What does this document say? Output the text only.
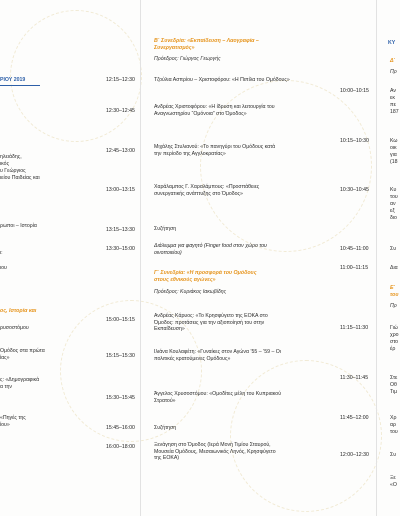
ΡΙΟΥ 2019
ηλειάδης,
ικός
υ Γεώργιος
ιείου Παιδείας και
ρωποι – Ιστορία
ι:
ιου
ος, Ιστορία και
ρυσοστόμου
Ομόδος στα πρώτα
ίας»
ς: «Δημογραφικά
α την
«Πηγές της
ίου»
12:15–12:30
12:30–12:45
12:45–13:00
13:00–13:15
13:15–13:30
13:30–15:00
15:00–15:15
15:15–15:30
15:30–15:45
15:45–16:00
16:00–18:00
Β΄ Συνεδρία: «Εκπαίδευση – Λαογραφία –
Συνεργατισμός»
Πρόεδρος: Γιώργος Γεωργής
Τζούλια Ασπρίου – Χριστοφόρου: «Η Πιπίλα του Ομόδους»
Ανδρέας Χριστοφόρου: «Η ίδρυση και λειτουργία του Αναγνωστηρίου “Ομόνοια” στο Όμοδος»
Μιχάλης Στυλιανού: «Το πανηγύρι του Ομόδους κατά την περίοδο της Αγγλοκρατίας»
Χαράλαμπος Γ. Χαραλάμπους: «Προσπάθειες συνεργατικής ανάπτυξης στο Όμοδος»
Συζήτηση
Διάλειμμα για φαγητό (Finger food στον χώρο του οινοποιείου)
Γ΄ Συνεδρία: «Η προσφορά του Ομόδους
στους εθνικούς αγώνες»
Πρόεδρος: Κυριάκος Ιακωβίδης
Ανδρέας Κάρυος: «Το Κρησφύγετο της ΕΟΚΑ στο Όμοδος: προτάσεις για την αξιοποίησή του στην Εκπαίδευση»
Ιλιάνα Κουλαφέτη: «Γυναίκες στον Αγώνα ’55 – ’59 – Οι πολιτικές κρατούμενες Ομόδους»
Άγγελος Χρυσοστόμου: «Ομοδίτες μέλη του Κυπριακού Στρατού»
Συζήτηση
Ξενάγηση στο Όμοδος (Ιερά Μονή Τιμίου Σταυρού, Μουσεία Ομόδους, Μεσαιωνικός Ληνός, Κρησφύγετο της ΕΟΚΑ)
10:00–10:15
10:15–10:30
10:30–10:45
10:45–11:00
11:00–11:15
11:15–11:30
11:30–11:45
11:45–12:00
12:00–12:30
ΚΥ
Δ΄
Πρ
Αν
εκ
πε
187
Κω
οικ
για
(18
Κυ
του
αν
εξ
διο
Συ
Δια
Ε΄
του
Πρ
Γιώ
χρο
στο
έρ
Στε
Οθ
Τιμ
Χρ
αρ
του
Συ
Ξε
«Ο
